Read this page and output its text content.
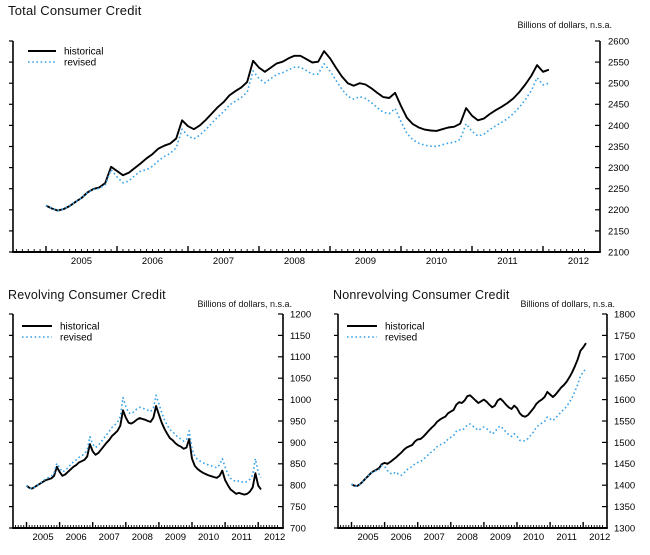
Total Consumer Credit
Billions of dollars, n.s.a.
2600
2550
2500
2450
2400
2350
2300
2250
2200
2150
2100
2005	2006	2007	2008	2009	2010	2011	2012
historical
revised
Revolving Consumer Credit
Billions of dollars, n.s.a.
1200
1150
1100
1050
1000
950
900
850
800
750
700
2005 2006 2007 2008 2009 2010 2011 2012
historical
revised
Nonrevolving Consumer Credit
Billions of dollars, n.s.a.
1800
1750
1700
1650
1600
1550
1500
1450
1400
1350
1300
2005 2006 2007 2008 2009 2010 2011 2012
historical
revised
